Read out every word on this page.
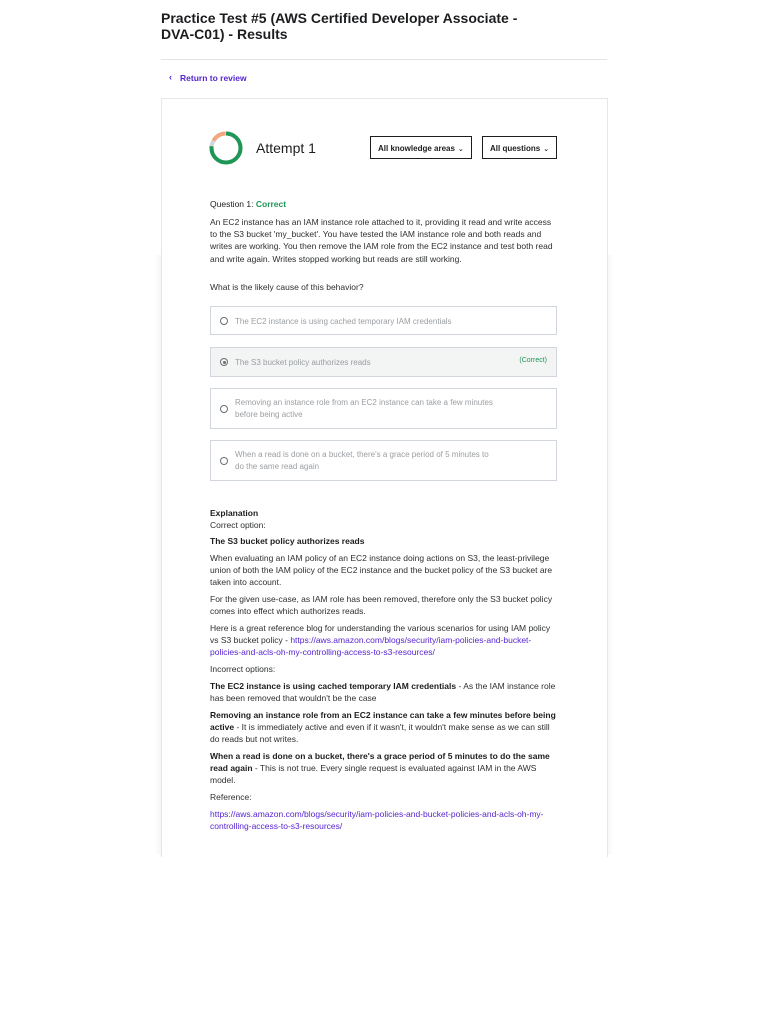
Practice Test #5 (AWS Certified Developer Associate - DVA-C01) - Results
‹ Return to review
Attempt 1	All knowledge areas ⌄	All questions ⌄
Question 1: Correct
An EC2 instance has an IAM instance role attached to it, providing it read and write access to the S3 bucket 'my_bucket'. You have tested the IAM instance role and both reads and writes are working. You then remove the IAM role from the EC2 instance and test both read and write again. Writes stopped working but reads are still working.
What is the likely cause of this behavior?
The EC2 instance is using cached temporary IAM credentials
The S3 bucket policy authorizes reads	(Correct)
Removing an instance role from an EC2 instance can take a few minutes before being active
When a read is done on a bucket, there's a grace period of 5 minutes to do the same read again
Explanation
Correct option:
The S3 bucket policy authorizes reads
When evaluating an IAM policy of an EC2 instance doing actions on S3, the least-privilege union of both the IAM policy of the EC2 instance and the bucket policy of the S3 bucket are taken into account.
For the given use-case, as IAM role has been removed, therefore only the S3 bucket policy comes into effect which authorizes reads.
Here is a great reference blog for understanding the various scenarios for using IAM policy vs S3 bucket policy - https://aws.amazon.com/blogs/security/iam-policies-and-bucket-policies-and-acls-oh-my-controlling-access-to-s3-resources/
Incorrect options:
The EC2 instance is using cached temporary IAM credentials - As the IAM instance role has been removed that wouldn't be the case
Removing an instance role from an EC2 instance can take a few minutes before being active - It is immediately active and even if it wasn't, it wouldn't make sense as we can still do reads but not writes.
When a read is done on a bucket, there's a grace period of 5 minutes to do the same read again - This is not true. Every single request is evaluated against IAM in the AWS model.
Reference:
https://aws.amazon.com/blogs/security/iam-policies-and-bucket-policies-and-acls-oh-my-controlling-access-to-s3-resources/
